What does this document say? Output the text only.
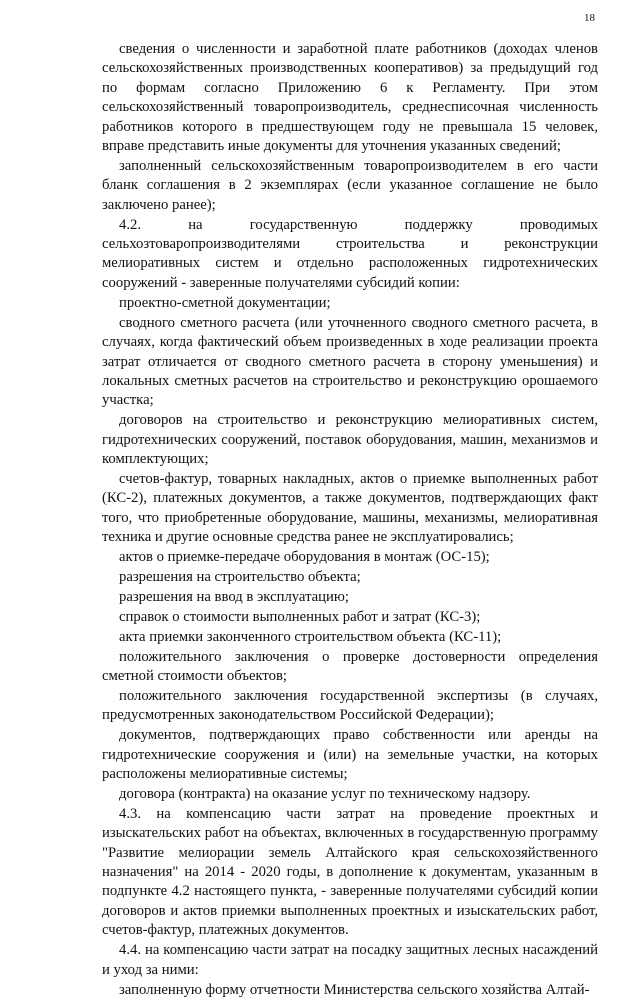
18

сведения о численности и заработной плате работников (доходах членов сельскохозяйственных производственных кооперативов) за предыдущий год по формам согласно Приложению 6 к Регламенту. При этом сельскохозяйственный товаропроизводитель, среднесписочная численность работников которого в предшествующем году не превышала 15 человек, вправе представить иные документы для уточнения указанных сведений;

заполненный сельскохозяйственным товаропроизводителем в его части бланк соглашения в 2 экземплярах (если указанное соглашение не было заключено ранее);

4.2. на государственную поддержку проводимых сельхозтоваропроизводителями строительства и реконструкции мелиоративных систем и отдельно расположенных гидротехнических сооружений - заверенные получателями субсидий копии:

проектно-сметной документации;

сводного сметного расчета (или уточненного сводного сметного расчета, в случаях, когда фактический объем произведенных в ходе реализации проекта затрат отличается от сводного сметного расчета в сторону уменьшения) и локальных сметных расчетов на строительство и реконструкцию орошаемого участка;

договоров на строительство и реконструкцию мелиоративных систем, гидротехнических сооружений, поставок оборудования, машин, механизмов и комплектующих;

счетов-фактур, товарных накладных, актов о приемке выполненных работ (КС-2), платежных документов, а также документов, подтверждающих факт того, что приобретенные оборудование, машины, механизмы, мелиоративная техника и другие основные средства ранее не эксплуатировались;

актов о приемке-передаче оборудования в монтаж (ОС-15);

разрешения на строительство объекта;

разрешения на ввод в эксплуатацию;

справок о стоимости выполненных работ и затрат (КС-3);

акта приемки законченного строительством объекта (КС-11);

положительного заключения о проверке достоверности определения сметной стоимости объектов;

положительного заключения государственной экспертизы (в случаях, предусмотренных законодательством Российской Федерации);

документов, подтверждающих право собственности или аренды на гидротехнические сооружения и (или) на земельные участки, на которых расположены мелиоративные системы;

договора (контракта) на оказание услуг по техническому надзору.

4.3. на компенсацию части затрат на проведение проектных и изыскательских работ на объектах, включенных в государственную программу "Развитие мелиорации земель Алтайского края сельскохозяйственного назначения" на 2014 - 2020 годы, в дополнение к документам, указанным в подпункте 4.2 настоящего пункта, - заверенные получателями субсидий копии договоров и актов приемки выполненных проектных и изыскательских работ, счетов-фактур, платежных документов.

4.4. на компенсацию части затрат на посадку защитных лесных насаждений и уход за ними:

заполненную форму отчетности Министерства сельского хозяйства Алтай-
